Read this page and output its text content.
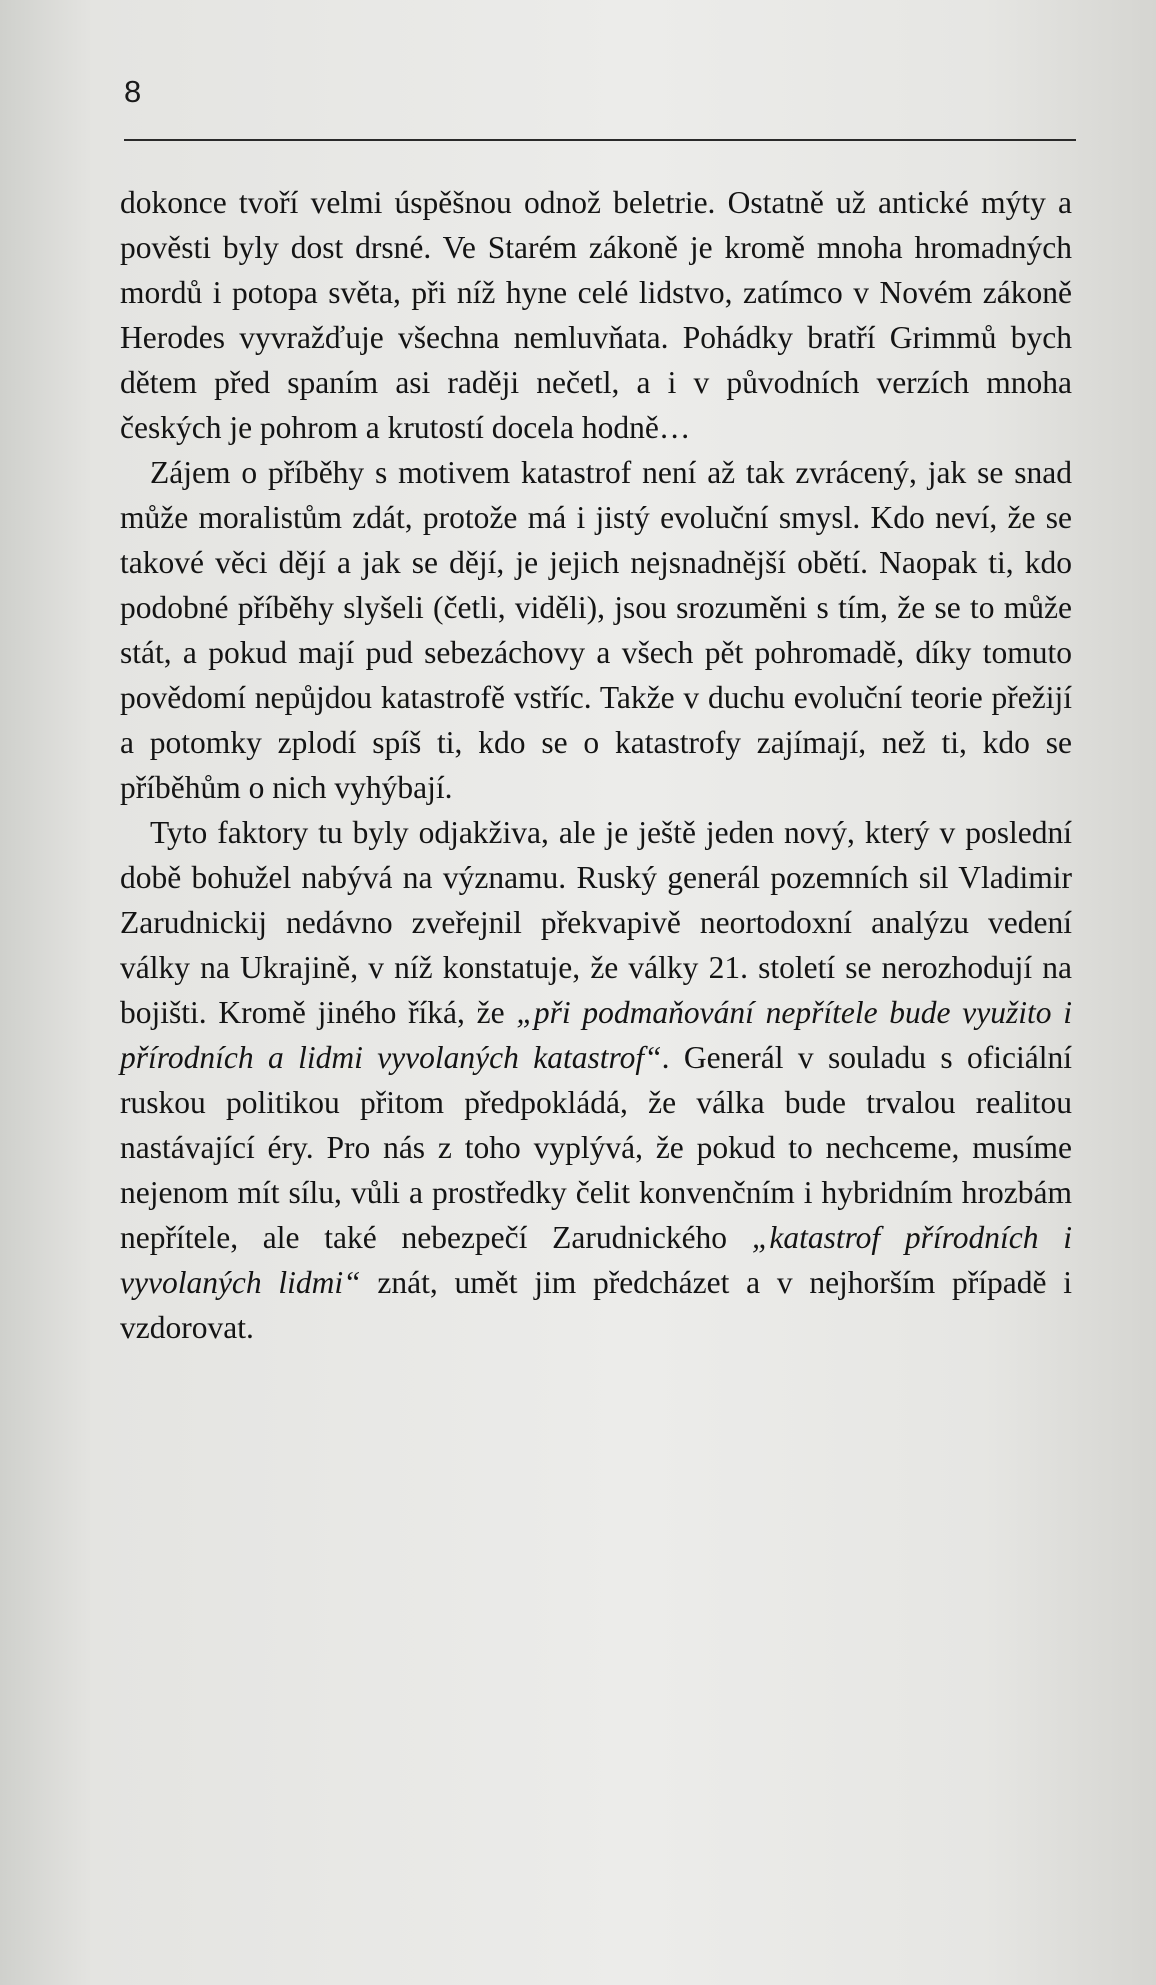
8

dokonce tvoří velmi úspěšnou odnož beletrie. Ostatně už antické mýty a pověsti byly dost drsné. Ve Starém zákoně je kromě mnoha hromadných mordů i potopa světa, při níž hyne celé lidstvo, zatímco v Novém zákoně Herodes vyvražďuje všechna nemluvňata. Pohádky bratří Grimmů bych dětem před spaním asi raději nečetl, a i v původních verzích mnoha českých je pohrom a krutostí docela hodně…

Zájem o příběhy s motivem katastrof není až tak zvrácený, jak se snad může moralistům zdát, protože má i jistý evoluční smysl. Kdo neví, že se takové věci dějí a jak se dějí, je jejich nejsnadnější obětí. Naopak ti, kdo podobné příběhy slyšeli (četli, viděli), jsou srozuměni s tím, že se to může stát, a pokud mají pud sebezáchovy a všech pět pohromadě, díky tomuto povědomí nepůjdou katastrofě vstříc. Takže v duchu evoluční teorie přežijí a potomky zplodí spíš ti, kdo se o katastrofy zajímají, než ti, kdo se příběhům o nich vyhýbají.

Tyto faktory tu byly odjakživa, ale je ještě jeden nový, který v poslední době bohužel nabývá na významu. Ruský generál pozemních sil Vladimir Zarudnickij nedávno zveřejnil překvapivě neortodoxní analýzu vedení války na Ukrajině, v níž konstatuje, že války 21. století se nerozhodují na bojišti. Kromě jiného říká, že „při podmaňování nepřítele bude využito i přírodních a lidmi vyvolaných katastrof“. Generál v souladu s oficiální ruskou politikou přitom předpokládá, že válka bude trvalou realitou nastávající éry. Pro nás z toho vyplývá, že pokud to nechceme, musíme nejenom mít sílu, vůli a prostředky čelit konvenčním i hybridním hrozbám nepřítele, ale také nebezpečí Zarudnického „katastrof přírodních i vyvolaných lidmi“ znát, umět jim předcházet a v nejhorším případě i vzdorovat.
